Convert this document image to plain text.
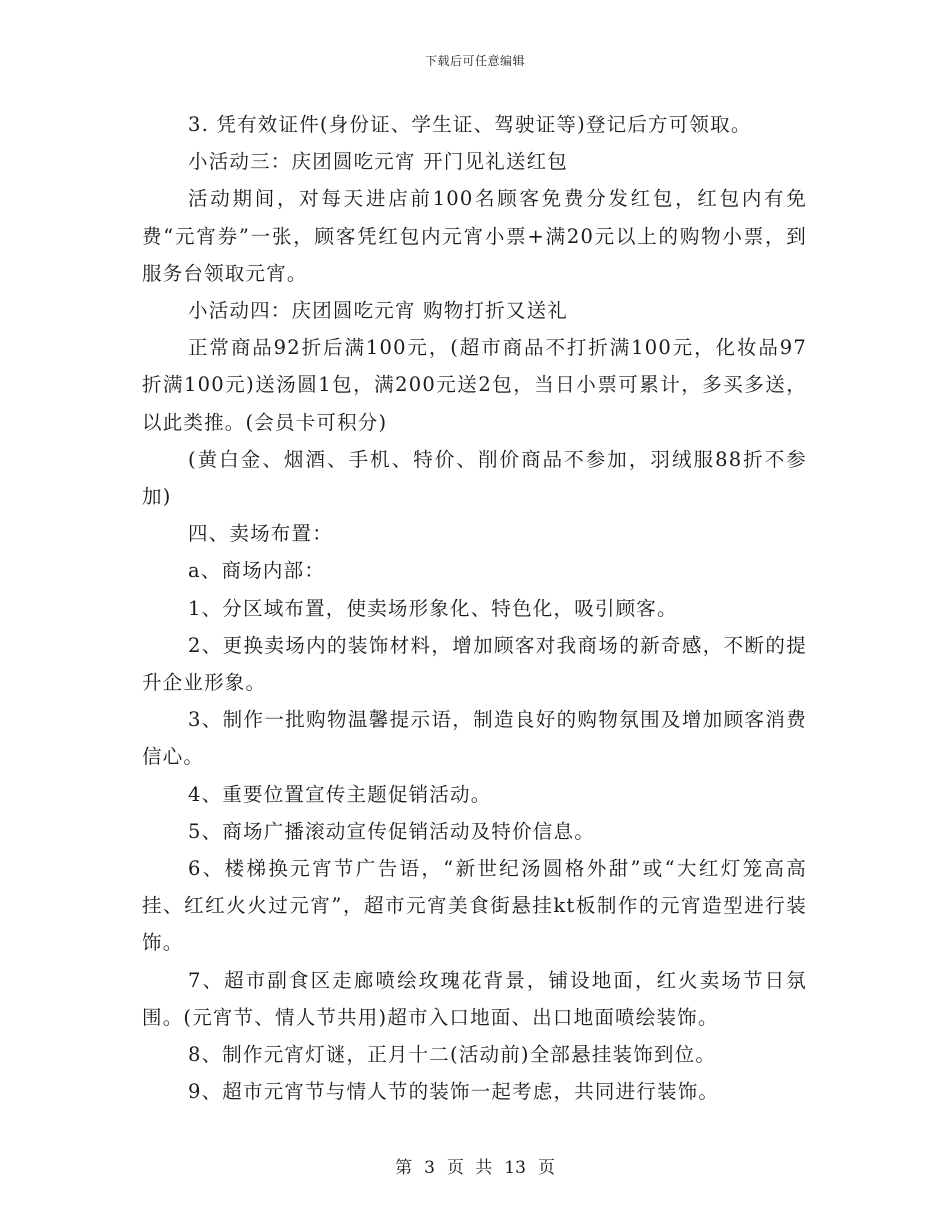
下载后可任意编辑

3. 凭有效证件(身份证、学生证、驾驶证等)登记后方可领取。

小活动三：庆团圆吃元宵 开门见礼送红包

活动期间，对每天进店前100名顾客免费分发红包，红包内有免费“元宵券”一张，顾客凭红包内元宵小票+满20元以上的购物小票，到服务台领取元宵。

小活动四：庆团圆吃元宵 购物打折又送礼

正常商品92折后满100元，(超市商品不打折满100元，化妆品97折满100元)送汤圆1包，满200元送2包，当日小票可累计，多买多送，以此类推。(会员卡可积分)

(黄白金、烟酒、手机、特价、削价商品不参加，羽绒服88折不参加)

四、卖场布置：

a、商场内部：

1、分区域布置，使卖场形象化、特色化，吸引顾客。

2、更换卖场内的装饰材料，增加顾客对我商场的新奇感，不断的提升企业形象。

3、制作一批购物温馨提示语，制造良好的购物氛围及增加顾客消费信心。

4、重要位置宣传主题促销活动。

5、商场广播滚动宣传促销活动及特价信息。

6、楼梯换元宵节广告语，“新世纪汤圆格外甜”或“大红灯笼高高挂、红红火火过元宵”，超市元宵美食街悬挂kt板制作的元宵造型进行装饰。

7、超市副食区走廊喷绘玫瑰花背景，铺设地面，红火卖场节日氛围。(元宵节、情人节共用)超市入口地面、出口地面喷绘装饰。

8、制作元宵灯谜，正月十二(活动前)全部悬挂装饰到位。

9、超市元宵节与情人节的装饰一起考虑，共同进行装饰。

第 3 页 共 13 页
